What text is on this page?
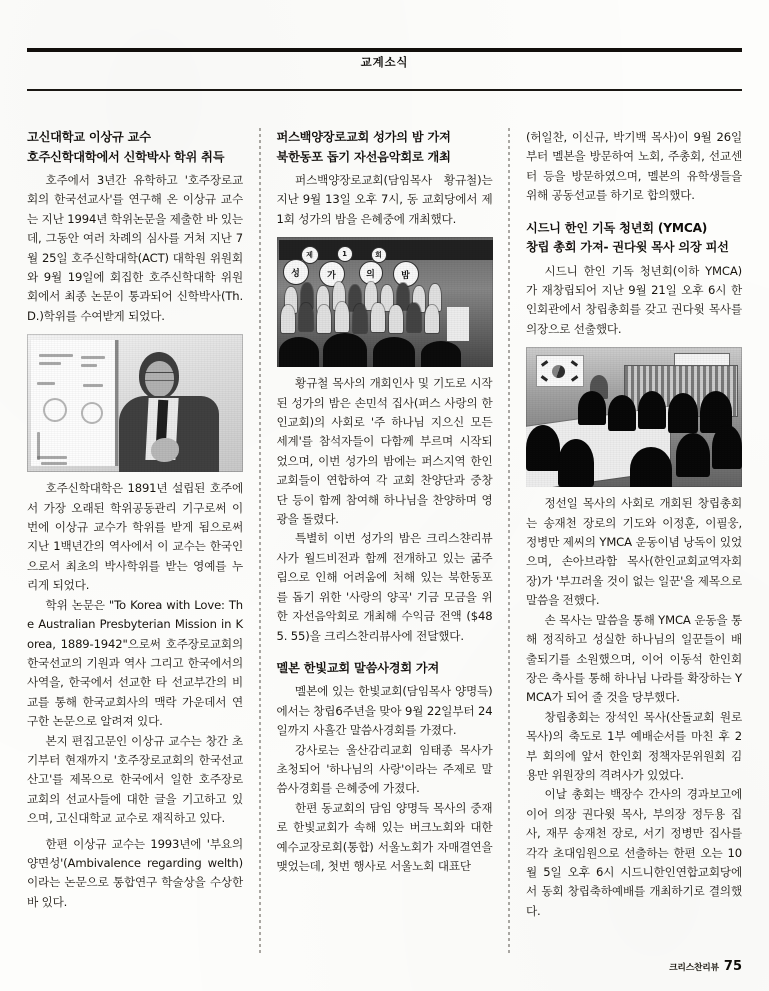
교계소식
고신대학교 이상규 교수
호주신학대학에서 신학박사 학위 취득

호주에서 3년간 유학하고 '호주장로교회의 한국선교사'를 연구해 온 이상규 교수는 지난 1994년 학위논문을 제출한 바 있는데, 그동안 여러 차례의 심사를 거쳐 지난 7월 25일 호주신학대학(ACT) 대학원 위원회와 9월 19일에 회집한 호주신학대학 위원회에서 최종 논문이 통과되어 신학박사(Th. D.)학위를 수여받게 되었다.

호주신학대학은 1891년 설립된 호주에서 가장 오래된 학위공동관리 기구로써 이번에 이상규 교수가 학위를 받게 됨으로써 지난 1백년간의 역사에서 이 교수는 한국인으로서 최초의 박사학위를 받는 영예를 누리게 되었다.

학위 논문은 "To Korea with Love: The Australian Presbyterian Mission in Korea, 1889-1942"으로써 호주장로교회의 한국선교의 기원과 역사 그리고 한국에서의 사역을, 한국에서 선교한 타 선교부간의 비교를 통해 한국교회사의 맥락 가운데서 연구한 논문으로 알려져 있다.

본지 편집고문인 이상규 교수는 창간 초기부터 현재까지 '호주장로교회의 한국선교 산고'를 제목으로 한국에서 일한 호주장로교회의 선교사들에 대한 글을 기고하고 있으며, 고신대학교 교수로 재직하고 있다.

한편 이상규 교수는 1993년에 '부요의 양면성'(Ambivalence regarding welth)이라는 논문으로 통합연구 학술상을 수상한 바 있다.

퍼스백양장로교회 성가의 밤 가져
북한동포 돕기 자선음악회로 개최

퍼스백양장로교회(담임목사 황규철)는 지난 9월 13일 오후 7시, 동 교회당에서 제1회 성가의 밤을 은혜중에 개최했다.

성	가	의	밤
제	1	회

황규철 목사의 개회인사 및 기도로 시작된 성가의 밤은 손민석 집사(퍼스 사랑의 한인교회)의 사회로 '주 하나님 지으신 모든 세계'를 참석자들이 다함께 부르며 시작되었으며, 이번 성가의 밤에는 퍼스지역 한인교회들이 연합하여 각 교회 찬양단과 중창단 등이 함께 참여해 하나님을 찬양하며 영광을 돌렸다.

특별히 이번 성가의 밤은 크리스챤리뷰사가 월드비전과 함께 전개하고 있는 굶주림으로 인해 어려움에 처해 있는 북한동포를 돕기 위한 '사랑의 양곡' 기금 모금을 위한 자선음악회로 개최해 수익금 전액 ($485. 55)을 크리스찬리뷰사에 전달했다.

멜본 한빛교회 말씀사경회 가져

멜본에 있는 한빛교회(담임목사 양명득)에서는 창립6주년을 맞아 9월 22일부터 24일까지 사흘간 말씀사경회를 가졌다.

강사로는 울산감리교회 임태종 목사가 초청되어 '하나님의 사랑'이라는 주제로 말씀사경회를 은혜중에 가졌다.

한편 동교회의 담임 양명득 목사의 중재로 한빛교회가 속해 있는 버크노회와 대한예수교장로회(통합) 서울노회가 자매결연을 맺었는데, 첫번 행사로 서울노회 대표단

(허일찬, 이신규, 박기백 목사)이 9월 26일부터 멜본을 방문하여 노회, 주총회, 선교센터 등을 방문하였으며, 멜본의 유학생들을 위해 공동선교를 하기로 합의했다.

시드니 한인 기독 청년회 (YMCA)
창립 총회 가져- 권다윗 목사 의장 피선

시드니 한인 기독 청년회(이하 YMCA)가 재창립되어 지난 9월 21일 오후 6시 한인회관에서 창립총회를 갖고 권다윗 목사를 의장으로 선출했다.

정선일 목사의 사회로 개회된 창립총회는 송재천 장로의 기도와 이정훈, 이필웅, 정병만 제씨의 YMCA 운동이념 낭독이 있었으며, 손아브라함 목사(한인교회교역자회장)가 '부끄러울 것이 없는 일꾼'을 제목으로 말씀을 전했다.

손 목사는 말씀을 통해 YMCA 운동을 통해 정직하고 성실한 하나님의 일꾼들이 배출되기를 소원했으며, 이어 이동석 한인회장은 축사를 통해 하나님 나라를 확장하는 YMCA가 되어 줄 것을 당부했다.

창립총회는 장석인 목사(산돌교회 원로목사)의 축도로 1부 예배순서를 마친 후 2부 회의에 앞서 한인회 정책자문위원회 김용만 위원장의 격려사가 있었다.

이날 총회는 백장수 간사의 경과보고에 이어 의장 권다윗 목사, 부의장 정두용 집사, 재무 송재천 장로, 서기 정병만 집사를 각각 초대임원으로 선출하는 한편 오는 10월 5일 오후 6시 시드니한인연합교회당에서 동회 창립축하예배를 개최하기로 결의했다.

크리스찬리뷰 75
